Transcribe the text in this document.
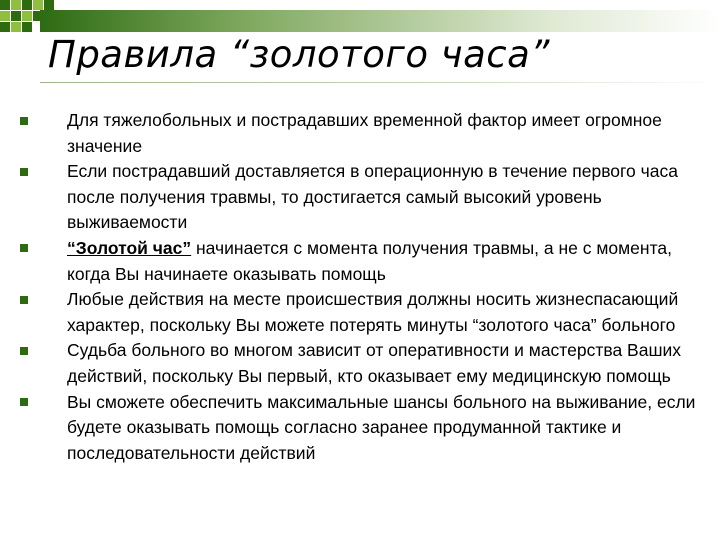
Правила “золотого часа”
Для тяжелобольных и пострадавших временной фактор имеет огромное значение
Если пострадавший доставляется в операционную в течение первого часа после получения травмы, то достигается самый высокий уровень выживаемости
“Золотой час” начинается с момента получения травмы, а не с момента, когда Вы начинаете оказывать помощь
Любые действия на месте происшествия должны носить жизнеспасающий характер, поскольку Вы можете потерять минуты “золотого часа” больного
Судьба больного во многом зависит от оперативности и мастерства Ваших действий, поскольку Вы первый, кто оказывает ему медицинскую помощь
Вы сможете обеспечить максимальные шансы больного на выживание, если будете оказывать помощь согласно заранее продуманной тактике и последовательности действий
